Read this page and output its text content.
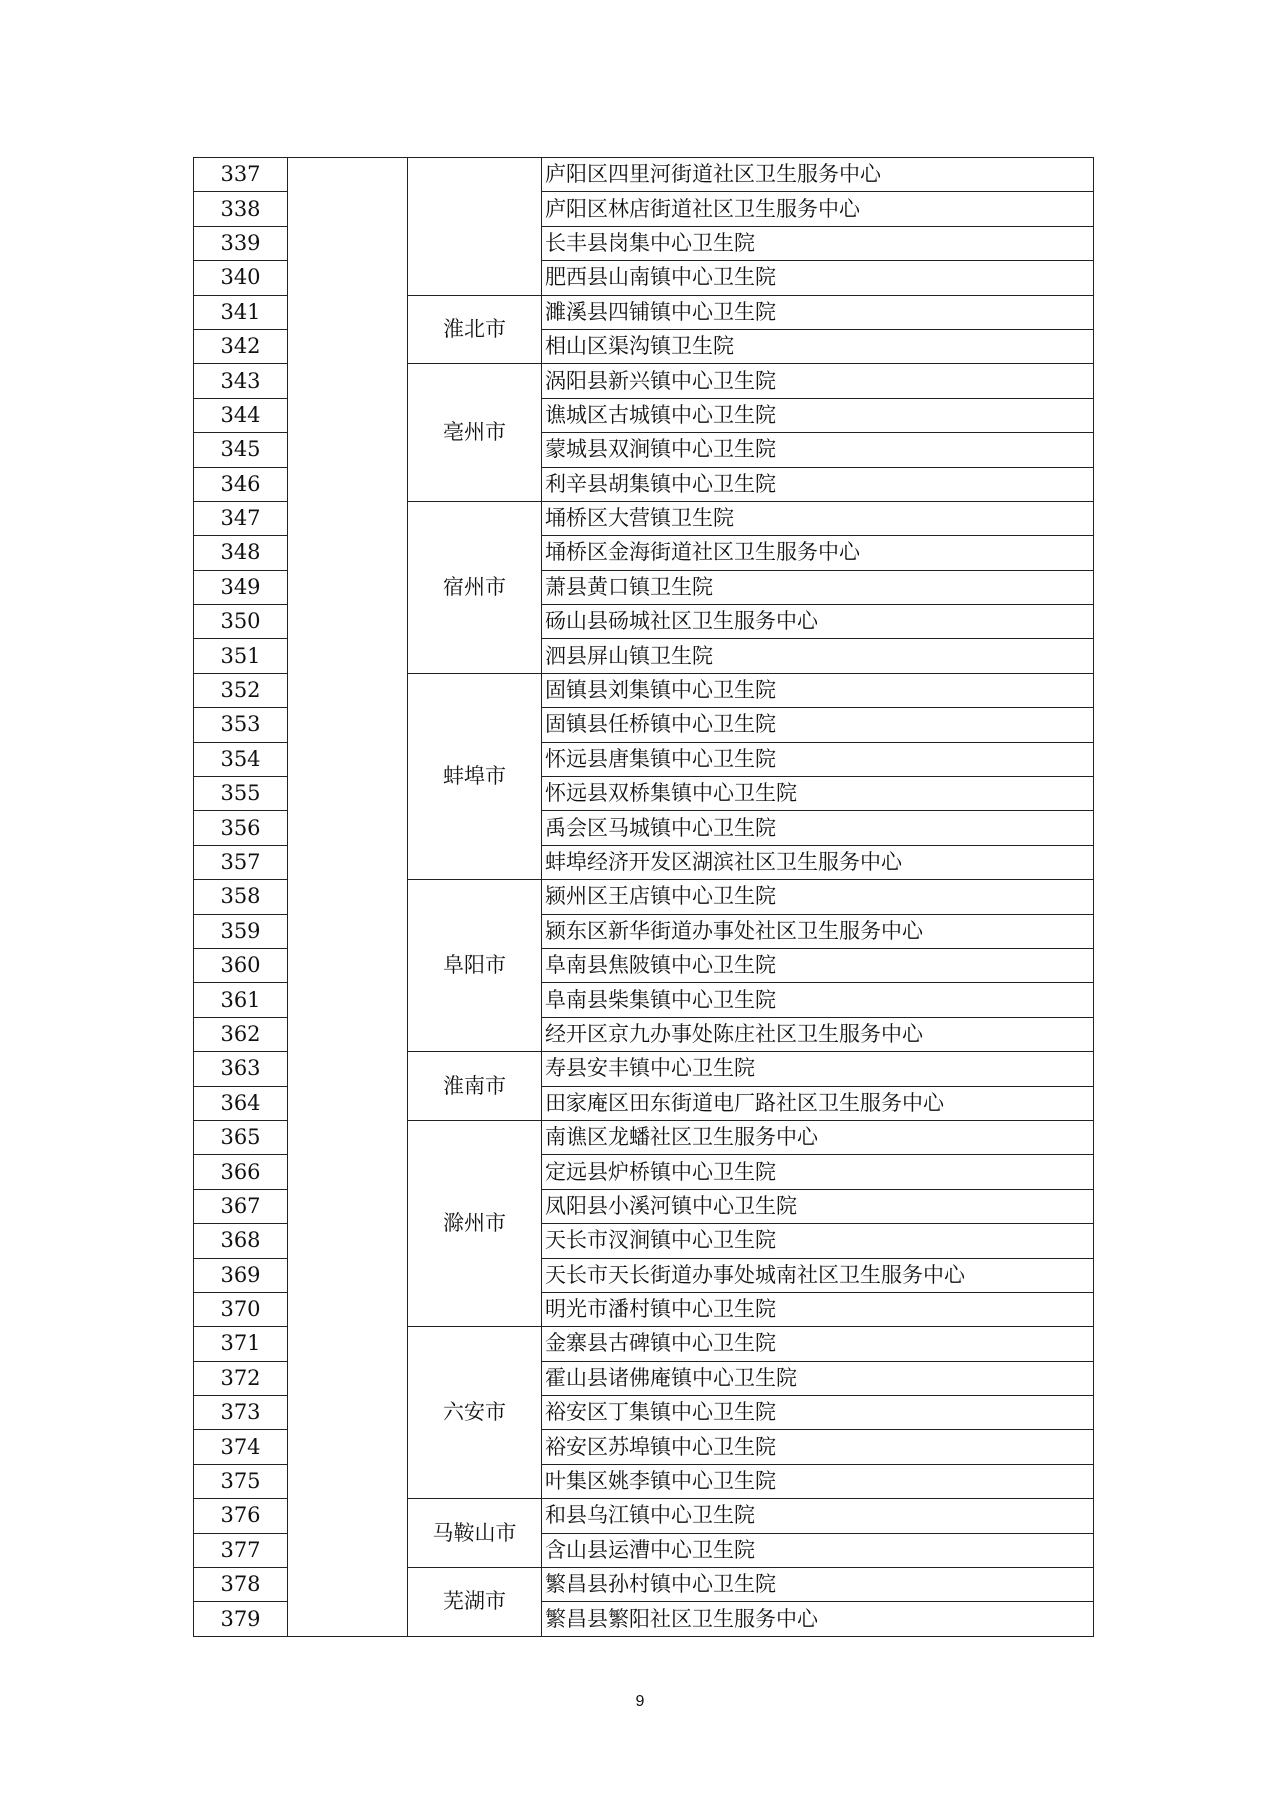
337			庐阳区四里河街道社区卫生服务中心
338			庐阳区林店街道社区卫生服务中心
339			长丰县岗集中心卫生院
340			肥西县山南镇中心卫生院
341		淮北市	濉溪县四铺镇中心卫生院
342			相山区渠沟镇卫生院
343		亳州市	涡阳县新兴镇中心卫生院
344			谯城区古城镇中心卫生院
345			蒙城县双涧镇中心卫生院
346			利辛县胡集镇中心卫生院
347		宿州市	埇桥区大营镇卫生院
348			埇桥区金海街道社区卫生服务中心
349			萧县黄口镇卫生院
350			砀山县砀城社区卫生服务中心
351			泗县屏山镇卫生院
352		蚌埠市	固镇县刘集镇中心卫生院
353			固镇县任桥镇中心卫生院
354			怀远县唐集镇中心卫生院
355			怀远县双桥集镇中心卫生院
356			禹会区马城镇中心卫生院
357			蚌埠经济开发区湖滨社区卫生服务中心
358		阜阳市	颍州区王店镇中心卫生院
359			颍东区新华街道办事处社区卫生服务中心
360			阜南县焦陂镇中心卫生院
361			阜南县柴集镇中心卫生院
362			经开区京九办事处陈庄社区卫生服务中心
363		淮南市	寿县安丰镇中心卫生院
364			田家庵区田东街道电厂路社区卫生服务中心
365		滁州市	南谯区龙蟠社区卫生服务中心
366			定远县炉桥镇中心卫生院
367			凤阳县小溪河镇中心卫生院
368			天长市汊涧镇中心卫生院
369			天长市天长街道办事处城南社区卫生服务中心
370			明光市潘村镇中心卫生院
371		六安市	金寨县古碑镇中心卫生院
372			霍山县诸佛庵镇中心卫生院
373			裕安区丁集镇中心卫生院
374			裕安区苏埠镇中心卫生院
375			叶集区姚李镇中心卫生院
376		马鞍山市	和县乌江镇中心卫生院
377			含山县运漕中心卫生院
378		芜湖市	繁昌县孙村镇中心卫生院
379			繁昌县繁阳社区卫生服务中心
9
